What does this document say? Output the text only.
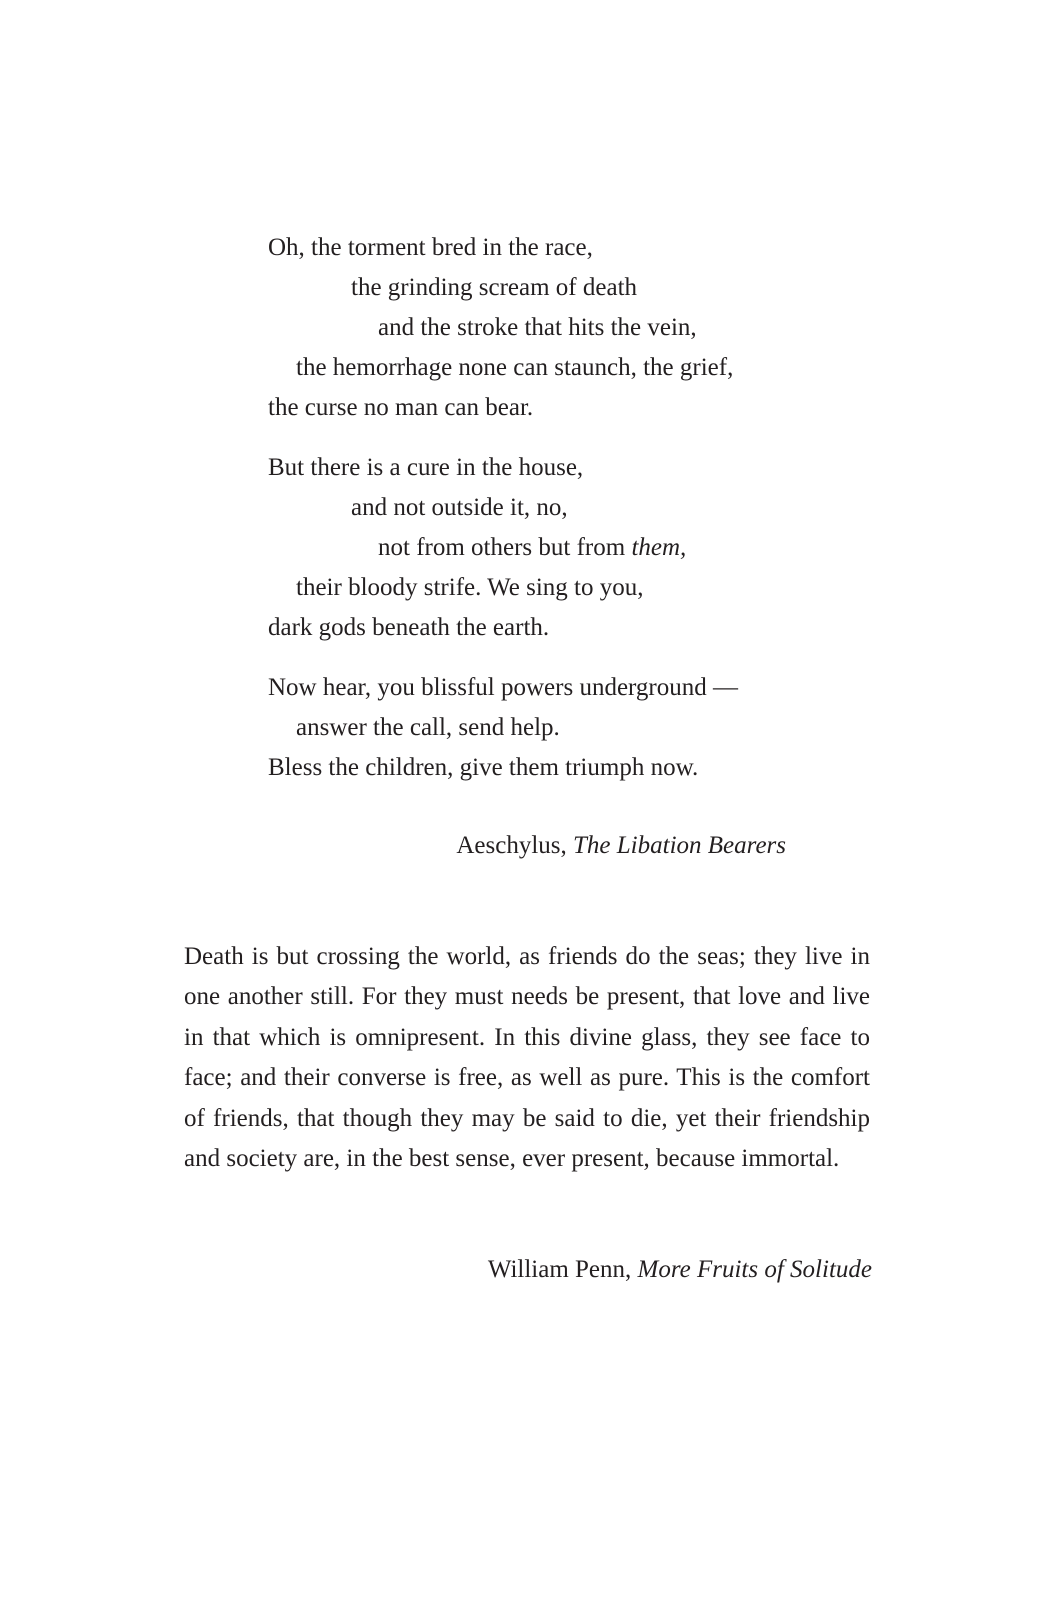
Oh, the torment bred in the race,
the grinding scream of death
and the stroke that hits the vein,
the hemorrhage none can staunch, the grief,
the curse no man can bear.
But there is a cure in the house,
and not outside it, no,
not from others but from them,
their bloody strife. We sing to you,
dark gods beneath the earth.
Now hear, you blissful powers underground —
answer the call, send help.
Bless the children, give them triumph now.
Aeschylus, The Libation Bearers

Death is but crossing the world, as friends do the seas; they live in one another still. For they must needs be present, that love and live in that which is omnipresent. In this divine glass, they see face to face; and their converse is free, as well as pure. This is the comfort of friends, that though they may be said to die, yet their friendship and society are, in the best sense, ever present, because immortal.

William Penn, More Fruits of Solitude
